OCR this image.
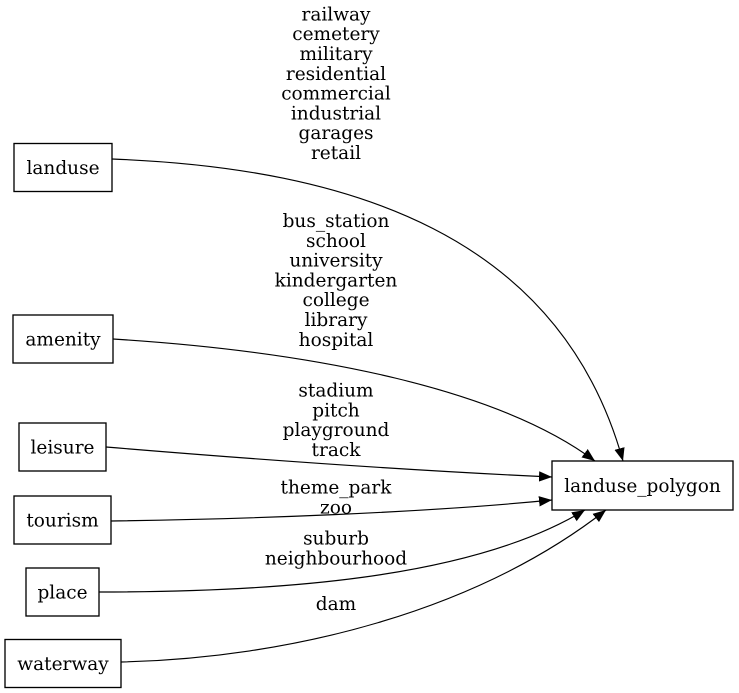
railway
cemetery
military
residential
commercial
industrial
garages
retail
bus_station
school
university
kindergarten
college
library
hospital
stadium
pitch
playground
track
theme_park
zoo
suburb
neighbourhood
dam
landuse
amenity
leisure
tourism
place
waterway
landuse_polygon
